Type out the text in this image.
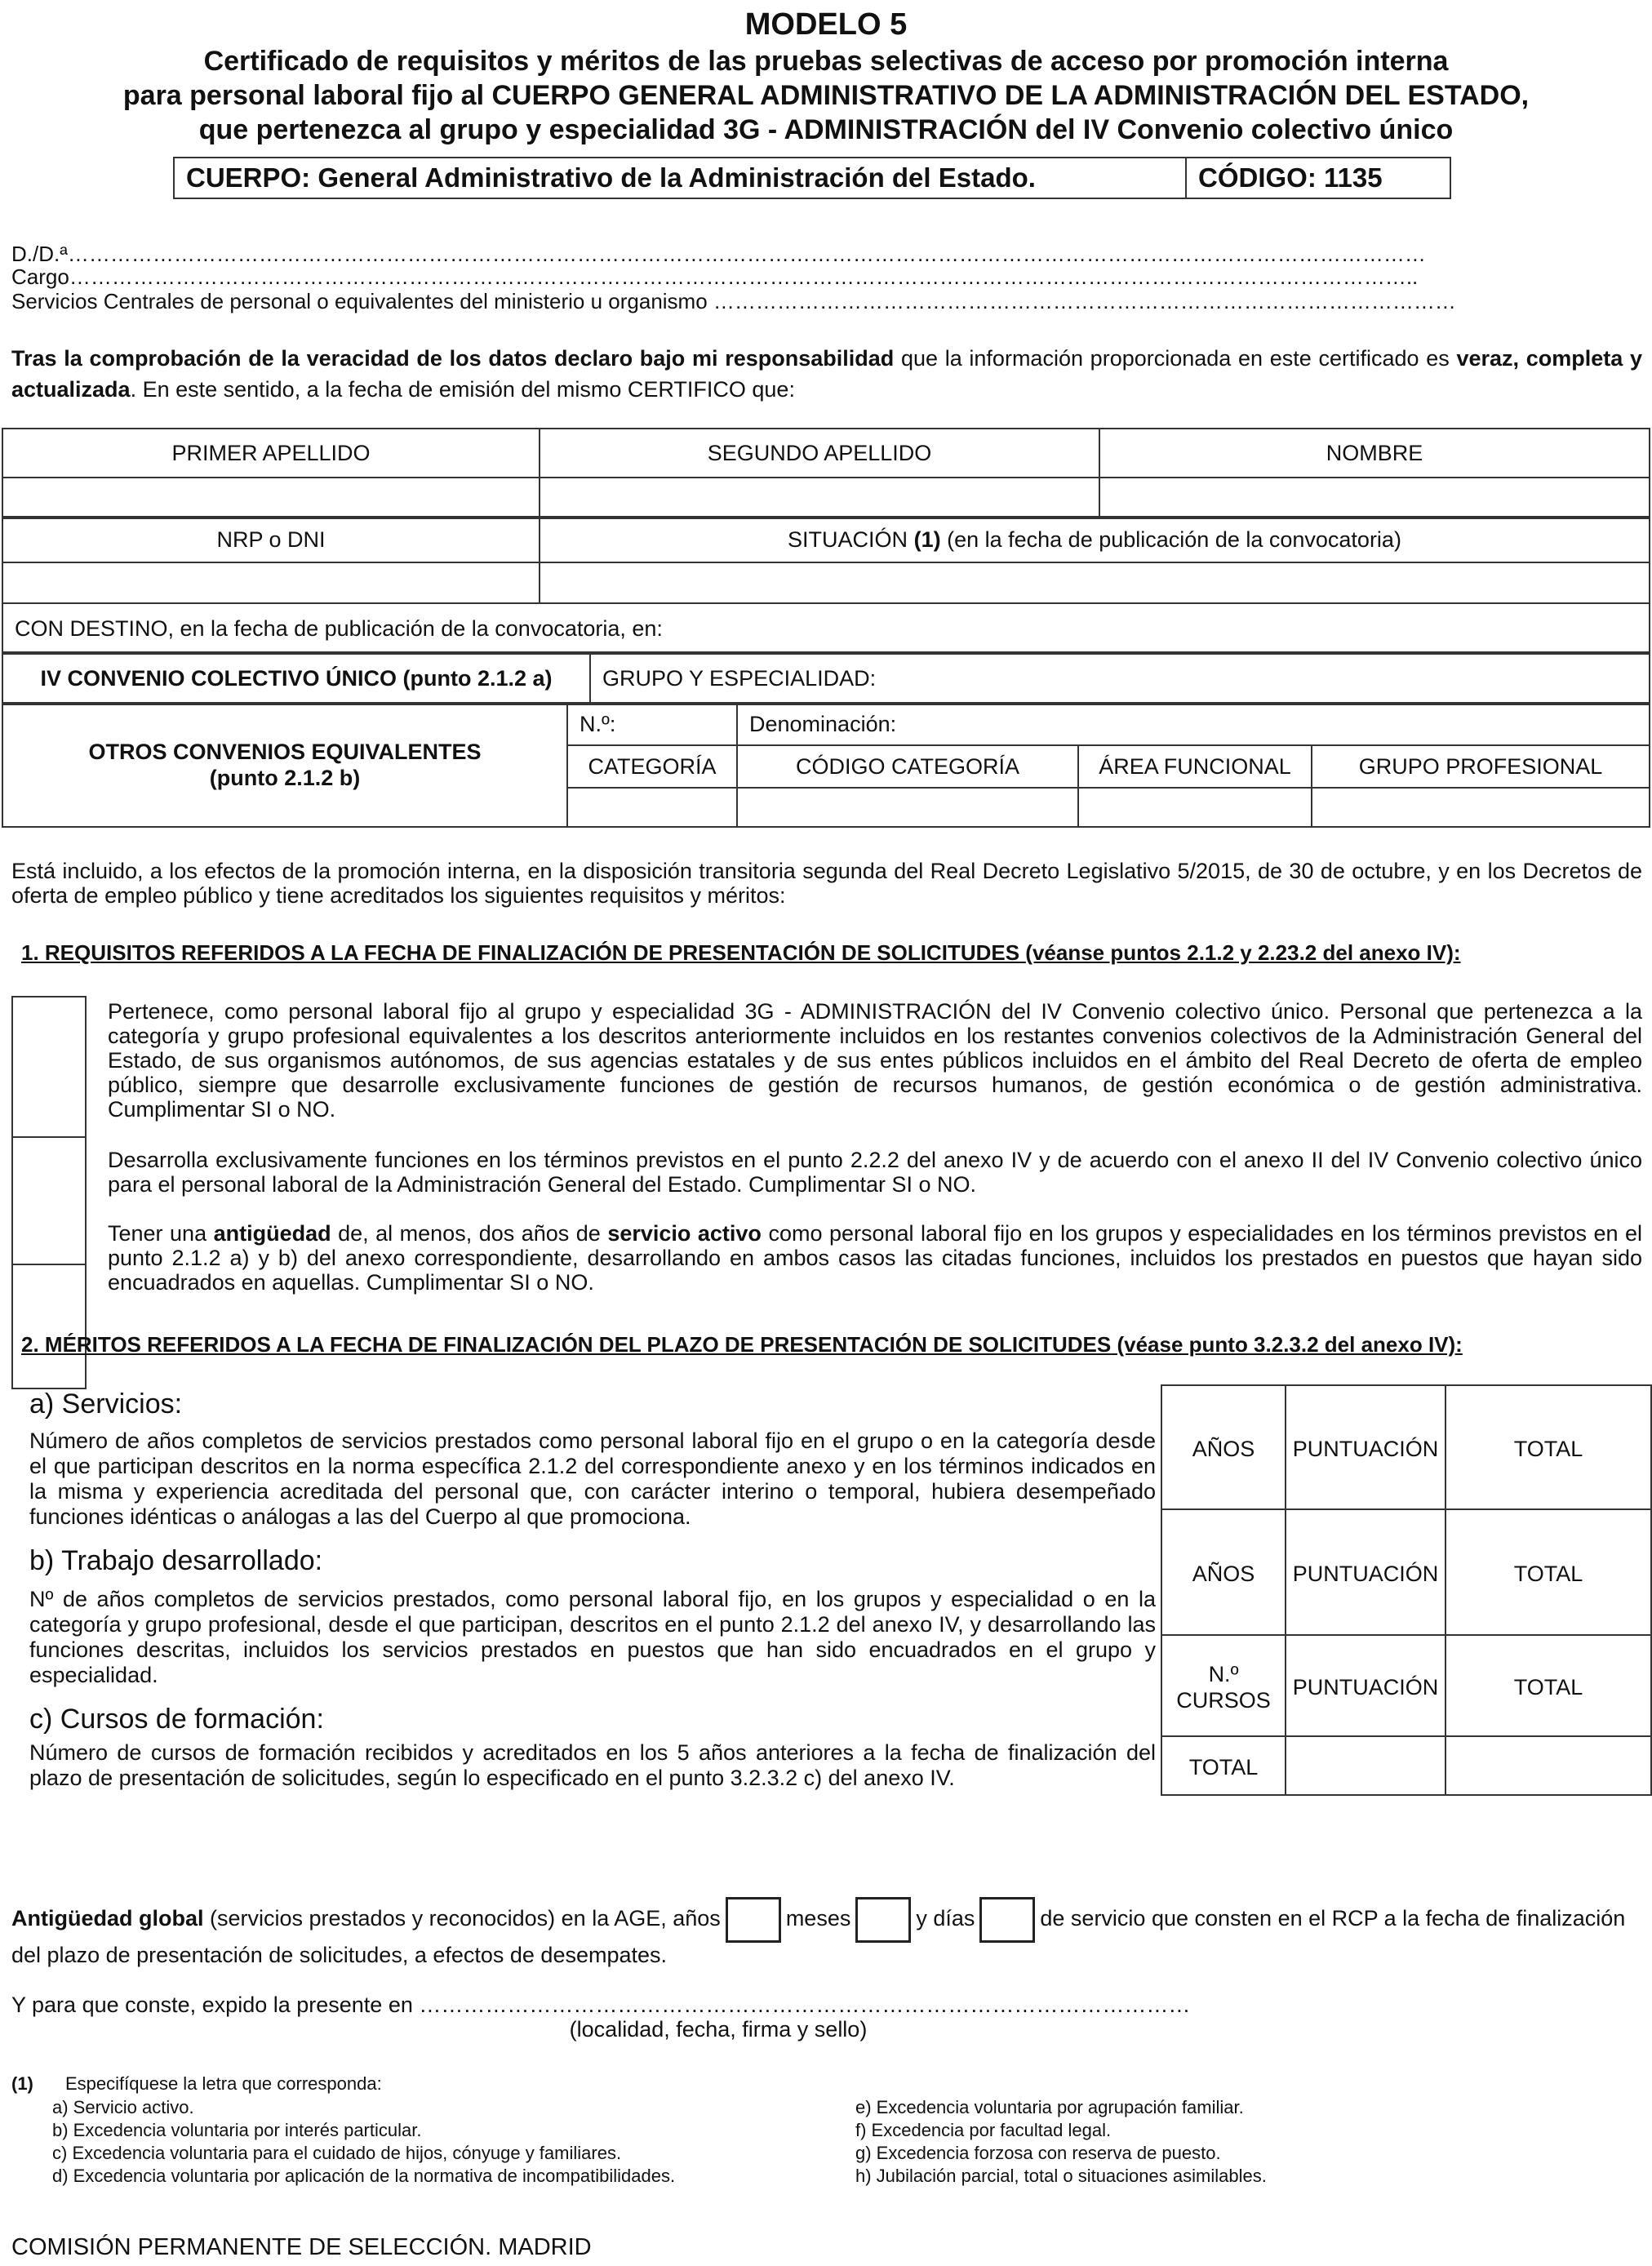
MODELO 5
Certificado de requisitos y méritos de las pruebas selectivas de acceso por promoción interna
para personal laboral fijo al CUERPO GENERAL ADMINISTRATIVO DE LA ADMINISTRACIÓN DEL ESTADO,
que pertenezca al grupo y especialidad 3G - ADMINISTRACIÓN del IV Convenio colectivo único
CUERPO: General Administrativo de la Administración del Estado.	CÓDIGO: 1135
D./D.ª…………………………………………………………………………………………………………………………………………………………………………
Cargo………………………………………………………………………………………………………………………………………………………………………..
Servicios Centrales de personal o equivalentes del ministerio u organismo ……………………………………………………………………………………………
Tras la comprobación de la veracidad de los datos declaro bajo mi responsabilidad que la información proporcionada en este certificado es veraz, completa y actualizada. En este sentido, a la fecha de emisión del mismo CERTIFICO que:
PRIMER APELLIDO	SEGUNDO APELLIDO	NOMBRE

NRP o DNI	SITUACIÓN (1) (en la fecha de publicación de la convocatoria)

CON DESTINO, en la fecha de publicación de la convocatoria, en:	
IV CONVENIO COLECTIVO ÚNICO (punto 2.1.2 a)	GRUPO Y ESPECIALIDAD:
OTROS CONVENIOS EQUIVALENTES
(punto 2.1.2 b)	N.º:	Denominación:		
	CATEGORÍA	CÓDIGO CATEGORÍA	ÁREA FUNCIONAL	GRUPO PROFESIONAL

Está incluido, a los efectos de la promoción interna, en la disposición transitoria segunda del Real Decreto Legislativo 5/2015, de 30 de octubre, y en los Decretos de oferta de empleo público y tiene acreditados los siguientes requisitos y méritos:
1. REQUISITOS REFERIDOS A LA FECHA DE FINALIZACIÓN DE PRESENTACIÓN DE SOLICITUDES (véanse puntos 2.1.2 y 2.23.2 del anexo IV):
Pertenece, como personal laboral fijo al grupo y especialidad 3G - ADMINISTRACIÓN del IV Convenio colectivo único. Personal que pertenezca a la categoría y grupo profesional equivalentes a los descritos anteriormente incluidos en los restantes convenios colectivos de la Administración General del Estado, de sus organismos autónomos, de sus agencias estatales y de sus entes públicos incluidos en el ámbito del Real Decreto de oferta de empleo público, siempre que desarrolle exclusivamente funciones de gestión de recursos humanos, de gestión económica o de gestión administrativa. Cumplimentar SI o NO.
Desarrolla exclusivamente funciones en los términos previstos en el punto 2.2.2 del anexo IV y de acuerdo con el anexo II del IV Convenio colectivo único para el personal laboral de la Administración General del Estado. Cumplimentar SI o NO.
Tener una antigüedad de, al menos, dos años de servicio activo como personal laboral fijo en los grupos y especialidades en los términos previstos en el punto 2.1.2 a) y b) del anexo correspondiente, desarrollando en ambos casos las citadas funciones, incluidos los prestados en puestos que hayan sido encuadrados en aquellas. Cumplimentar SI o NO.
2. MÉRITOS REFERIDOS A LA FECHA DE FINALIZACIÓN DEL PLAZO DE PRESENTACIÓN DE SOLICITUDES (véase punto 3.2.3.2 del anexo IV):
a) Servicios:
Número de años completos de servicios prestados como personal laboral fijo en el grupo o en la categoría desde el que participan descritos en la norma específica 2.1.2 del correspondiente anexo y en los términos indicados en la misma y experiencia acreditada del personal que, con carácter interino o temporal, hubiera desempeñado funciones idénticas o análogas a las del Cuerpo al que promociona.
b) Trabajo desarrollado:
Nº de años completos de servicios prestados, como personal laboral fijo, en los grupos y especialidad o en la categoría y grupo profesional, desde el que participan, descritos en el punto 2.1.2 del anexo IV, y desarrollando las funciones descritas, incluidos los servicios prestados en puestos que han sido encuadrados en el grupo y especialidad.
c) Cursos de formación:
Número de cursos de formación recibidos y acreditados en los 5 años anteriores a la fecha de finalización del plazo de presentación de solicitudes, según lo especificado en el punto 3.2.3.2 c) del anexo IV.
AÑOS	PUNTUACIÓN	TOTAL
AÑOS	PUNTUACIÓN	TOTAL

N.º
CURSOS	PUNTUACIÓN	TOTAL
TOTAL		
Antigüedad global (servicios prestados y reconocidos) en la AGE, años	meses	y días	de servicio que consten en el RCP a la fecha de finalización del plazo de presentación de solicitudes, a efectos de desempates.
Y para que conste, expido la presente en ……………………………………………………………………………………………
(localidad, fecha, firma y sello)
(1) Especifíquese la letra que corresponda:
a) Servicio activo.
b) Excedencia voluntaria por interés particular.
c) Excedencia voluntaria para el cuidado de hijos, cónyuge y familiares.
d) Excedencia voluntaria por aplicación de la normativa de incompatibilidades.
e) Excedencia voluntaria por agrupación familiar.
f) Excedencia por facultad legal.
g) Excedencia forzosa con reserva de puesto.
h) Jubilación parcial, total o situaciones asimilables.
COMISIÓN PERMANENTE DE SELECCIÓN. MADRID
